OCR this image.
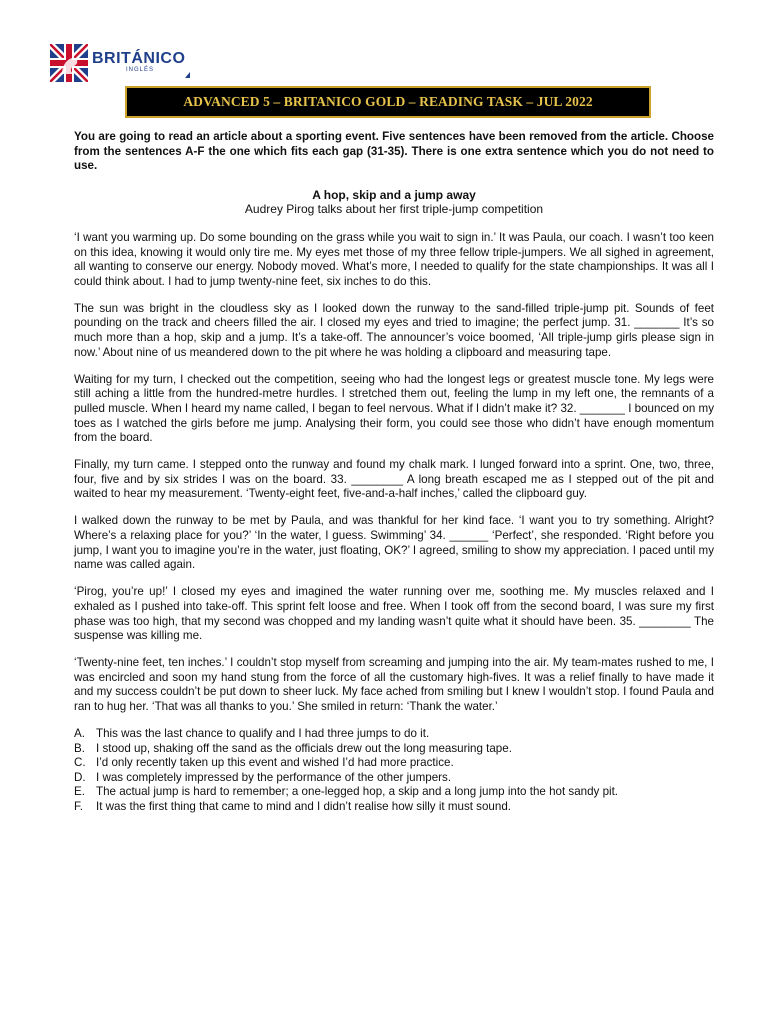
BRITÁNICO
INGLÉS
ADVANCED 5 – BRITANICO GOLD – READING TASK – JUL 2022

You are going to read an article about a sporting event. Five sentences have been removed from the article. Choose from the sentences A-F the one which fits each gap (31-35). There is one extra sentence which you do not need to use.

A hop, skip and a jump away

Audrey Pirog talks about her first triple-jump competition

‘I want you warming up. Do some bounding on the grass while you wait to sign in.’ It was Paula, our coach. I wasn’t too keen on this idea, knowing it would only tire me. My eyes met those of my three fellow triple-jumpers. We all sighed in agreement, all wanting to conserve our energy. Nobody moved. What’s more, I needed to qualify for the state championships. It was all I could think about. I had to jump twenty-nine feet, six inches to do this.

The sun was bright in the cloudless sky as I looked down the runway to the sand-filled triple-jump pit. Sounds of feet pounding on the track and cheers filled the air. I closed my eyes and tried to imagine; the perfect jump. 31. _______ It’s so much more than a hop, skip and a jump. It’s a take-off. The announcer’s voice boomed, ‘All triple-jump girls please sign in now.’ About nine of us meandered down to the pit where he was holding a clipboard and measuring tape.

Waiting for my turn, I checked out the competition, seeing who had the longest legs or greatest muscle tone. My legs were still aching a little from the hundred-metre hurdles. I stretched them out, feeling the lump in my left one, the remnants of a pulled muscle. When I heard my name called, I began to feel nervous. What if I didn’t make it? 32. _______ I bounced on my toes as I watched the girls before me jump. Analysing their form, you could see those who didn’t have enough momentum from the board.

Finally, my turn came. I stepped onto the runway and found my chalk mark. I lunged forward into a sprint. One, two, three, four, five and by six strides I was on the board. 33. ________ A long breath escaped me as I stepped out of the pit and waited to hear my measurement. ‘Twenty-eight feet, five-and-a-half inches,’ called the clipboard guy.

I walked down the runway to be met by Paula, and was thankful for her kind face. ‘I want you to try something. Alright? Where’s a relaxing place for you?’ ‘In the water, I guess. Swimming’ 34. ______ ‘Perfect’, she responded. ‘Right before you jump, I want you to imagine you’re in the water, just floating, OK?’ I agreed, smiling to show my appreciation. I paced until my name was called again.

‘Pirog, you’re up!’ I closed my eyes and imagined the water running over me, soothing me. My muscles relaxed and I exhaled as I pushed into take-off. This sprint felt loose and free. When I took off from the second board, I was sure my first phase was too high, that my second was chopped and my landing wasn’t quite what it should have been. 35. ________ The suspense was killing me.

‘Twenty-nine feet, ten inches.’ I couldn’t stop myself from screaming and jumping into the air. My team-mates rushed to me, I was encircled and soon my hand stung from the force of all the customary high-fives. It was a relief finally to have made it and my success couldn’t be put down to sheer luck. My face ached from smiling but I knew I wouldn’t stop. I found Paula and ran to hug her. ‘That was all thanks to you.’ She smiled in return: ‘Thank the water.’

A. This was the last chance to qualify and I had three jumps to do it.
B. I stood up, shaking off the sand as the officials drew out the long measuring tape.
C. I’d only recently taken up this event and wished I’d had more practice.
D. I was completely impressed by the performance of the other jumpers.
E. The actual jump is hard to remember; a one-legged hop, a skip and a long jump into the hot sandy pit.
F.	It was the first thing that came to mind and I didn’t realise how silly it must sound.
